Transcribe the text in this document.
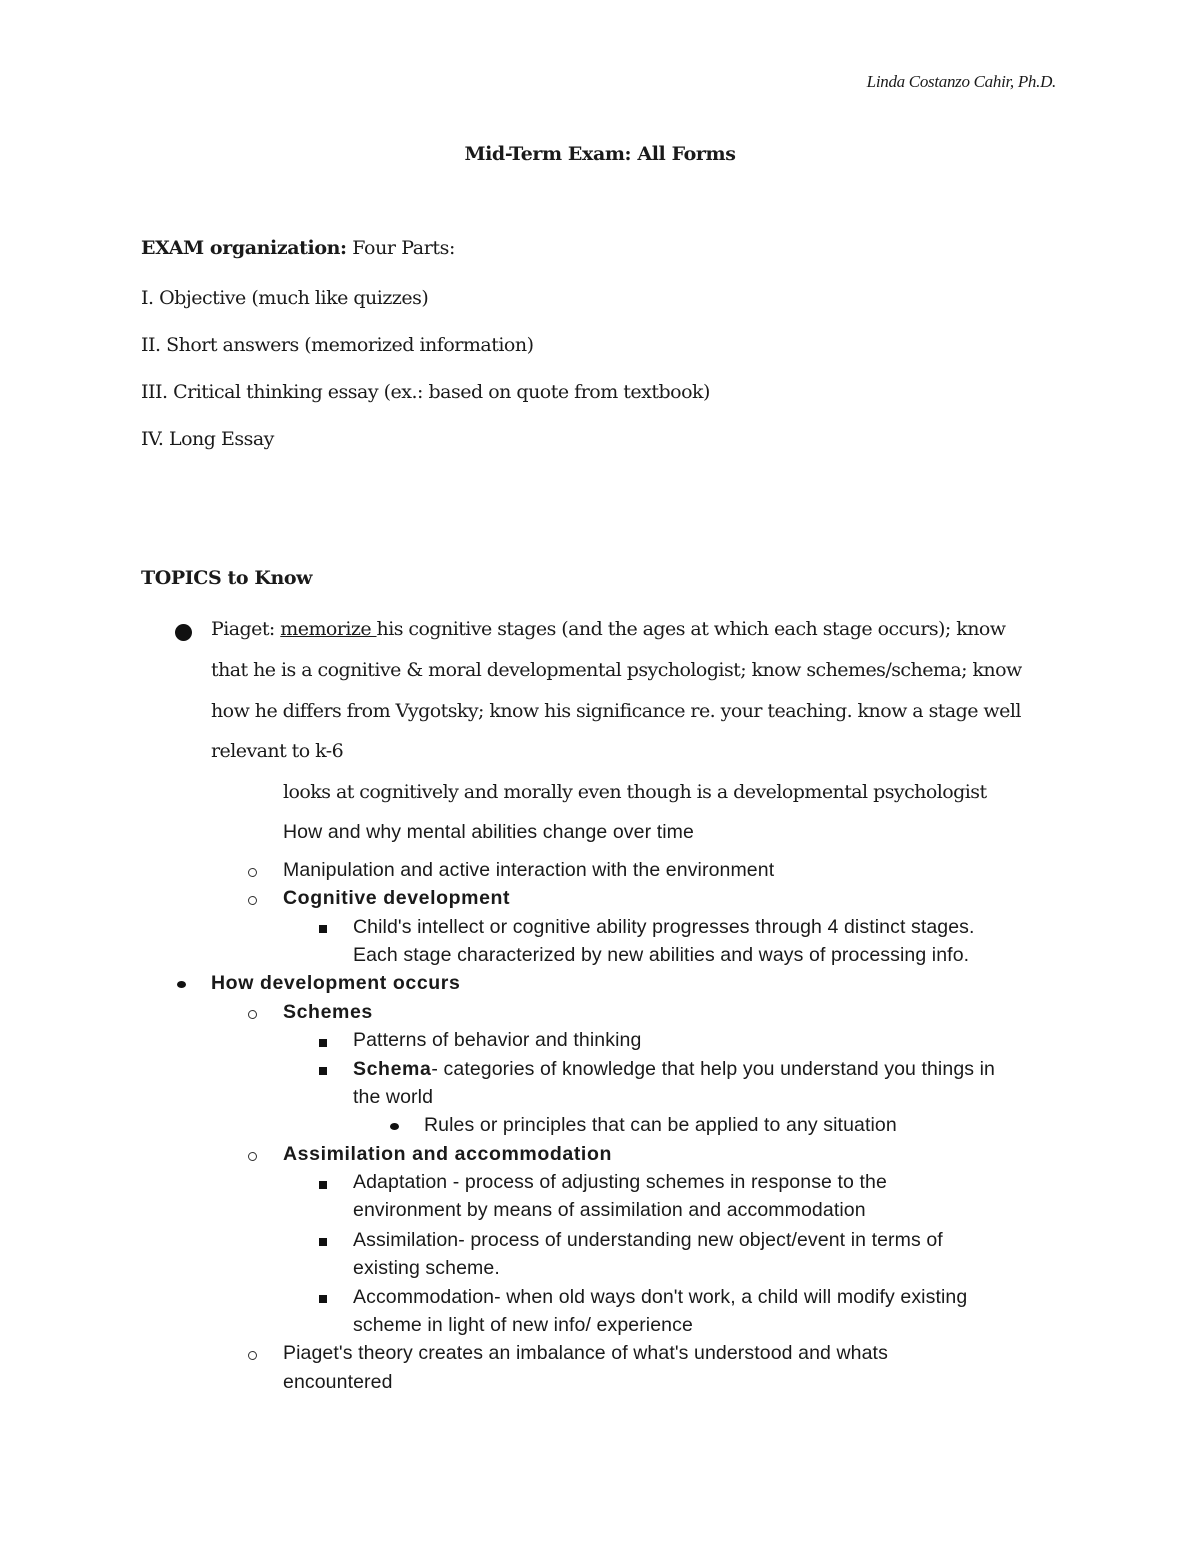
Linda Costanzo Cahir, Ph.D.
Mid-Term Exam: All Forms
EXAM organization: Four Parts:
I. Objective (much like quizzes)
II. Short answers (memorized information)
III. Critical thinking essay (ex.: based on quote from textbook)
IV. Long Essay
TOPICS to Know
Piaget: memorize his cognitive stages (and the ages at which each stage occurs); know
that he is a cognitive & moral developmental psychologist; know schemes/schema; know
how he differs from Vygotsky; know his significance re. your teaching. know a stage well
relevant to k-6
looks at cognitively and morally even though is a developmental psychologist
How and why mental abilities change over time
Manipulation and active interaction with the environment
Cognitive development
Child's intellect or cognitive ability progresses through 4 distinct stages.
Each stage characterized by new abilities and ways of processing info.
How development occurs
Schemes
Patterns of behavior and thinking
Schema- categories of knowledge that help you understand you things in
the world
Rules or principles that can be applied to any situation
Assimilation and accommodation
Adaptation - process of adjusting schemes in response to the
environment by means of assimilation and accommodation
Assimilation- process of understanding new object/event in terms of
existing scheme.
Accommodation- when old ways don't work, a child will modify existing
scheme in light of new info/ experience
Piaget's theory creates an imbalance of what's understood and whats
encountered
